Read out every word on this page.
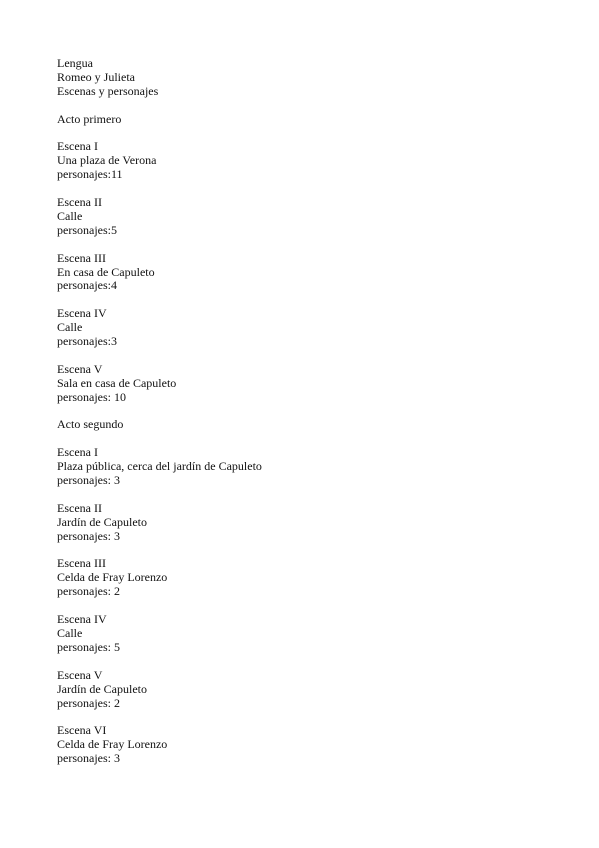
Lengua
Romeo y Julieta
Escenas y personajes
Acto primero
Escena I
Una plaza de Verona
personajes:11
Escena II
Calle
personajes:5
Escena III
En casa de Capuleto
personajes:4
Escena IV
Calle
personajes:3
Escena V
Sala en casa de Capuleto
personajes: 10
Acto segundo
Escena I
Plaza pública, cerca del jardín de Capuleto
personajes: 3
Escena II
Jardín de Capuleto
personajes: 3
Escena III
Celda de Fray Lorenzo
personajes: 2
Escena IV
Calle
personajes: 5
Escena V
Jardín de Capuleto
personajes: 2
Escena VI
Celda de Fray Lorenzo
personajes: 3
